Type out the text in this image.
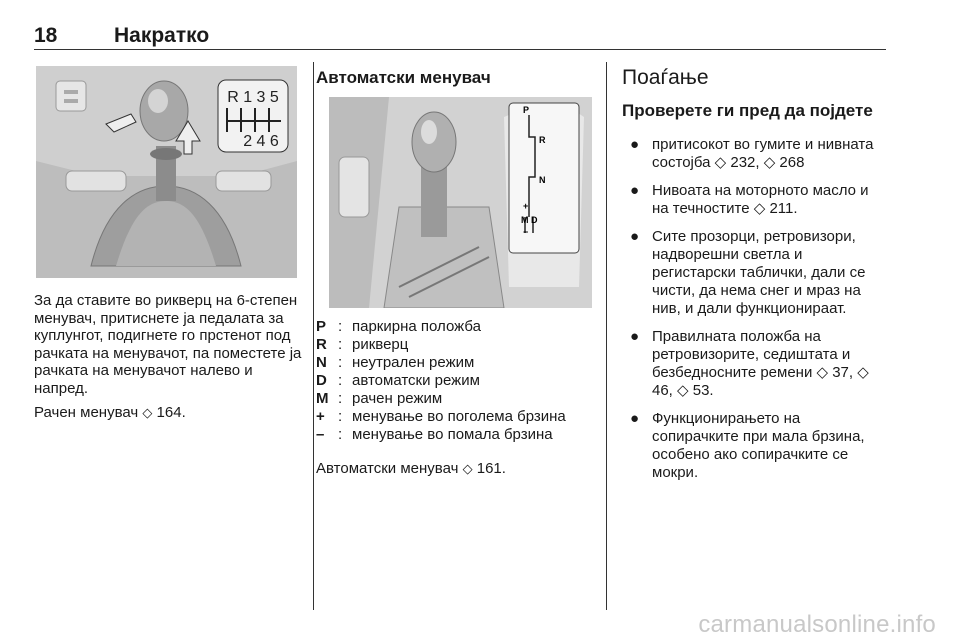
18	Накратко
R 1 3 5
2 4 6

За да ставите во рикверц на 6-степен менувач, притиснете ја педалата за куплунгот, подигнете го прстенот под рачката на менувачот, па поместете ја рачката на менувачот налево и напред.

Рачен менувач ◇ 164.

Автоматски менувач
P
R
N
+
M D
−
P : паркирна положба
R : рикверц
N : неутрален режим
D : автоматски режим
M : рачен режим
+ : менување во поголема брзина
– : менување во помала брзина

Автоматски менувач ◇ 161.

Поаѓање
Проверете ги пред да појдете
● притисокот во гумите и нивната состојба ◇ 232, ◇ 268
● Нивоата на моторното масло и на течностите ◇ 211.
● Сите прозорци, ретровизори, надворешни светла и регистарски таблички, дали се чисти, да нема снег и мраз на нив, и дали функционираат.
● Правилната положба на ретровизорите, седиштата и безбедносните ремени ◇ 37, ◇ 46, ◇ 53.
● Функционирањето на сопирачките при мала брзина, особено ако сопирачките се мокри.
carmanualsonline.info
